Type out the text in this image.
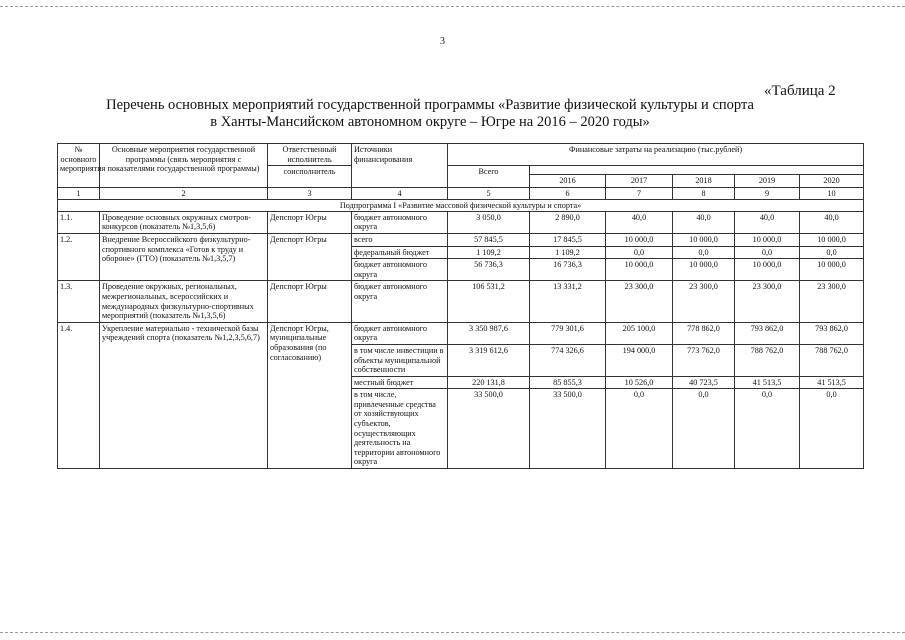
3
«Таблица 2
Перечень основных мероприятий государственной программы «Развитие физической культуры и спорта
в Ханты-Мансийском автономном округе – Югре на 2016 – 2020 годы»
№ основного мероприятия	Основные мероприятия государственной программы (связь мероприятия с показателями государственной программы)	Ответственный исполнитель	Источники финансирования	Финансовые затраты на реализацию (тыс.рублей)					
		соисполнитель		Всего					
					2016	2017	2018	2019	2020
1	2	3	4	5	6	7	8	9	10
Подпрограмма I «Развитие массовой физической культуры и спорта»									
1.1.	Проведение основных окружных смотров-конкурсов (показатель №1,3,5,6)	Депспорт Югры	бюджет автономного округа	3 050,0	2 890,0	40,0	40,0	40,0	40,0
1.2.	Внедрение Всероссийского физкультурно-спортивного комплекса «Готов к труду и обороне» (ГТО) (показатель №1,3,5,7)	Депспорт Югры	всего	57 845,5	17 845,5	10 000,0	10 000,0	10 000,0	10 000,0
			федеральный бюджет	1 109,2	1 109,2	0,0	0,0	0,0	0,0
			бюджет автономного округа	56 736,3	16 736,3	10 000,0	10 000,0	10 000,0	10 000,0
1.3.	Проведение окружных, региональных, межрегиональных, всероссийских и международных физкультурно-спортивных мероприятий (показатель №1,3,5,6)	Депспорт Югры	бюджет автономного округа	106 531,2	13 331,2	23 300,0	23 300,0	23 300,0	23 300,0
1.4.	Укрепление материально - технической базы учреждений спорта (показатель №1,2,3,5,6,7)	Депспорт Югры, муниципальные образования (по согласованию)	бюджет автономного округа	3 350 987,6	779 301,6	205 100,0	778 862,0	793 862,0	793 862,0
			в том числе инвестиции в объекты муниципальной собственности	3 319 612,6	774 326,6	194 000,0	773 762,0	788 762,0	788 762,0
			местный бюджет	220 131,8	85 855,3	10 526,0	40 723,5	41 513,5	41 513,5
			в том числе, привлеченные средства от хозяйствующих субъектов, осуществляющих деятельность на территории автономного округа	33 500,0	33 500,0	0,0	0,0	0,0	0,0
